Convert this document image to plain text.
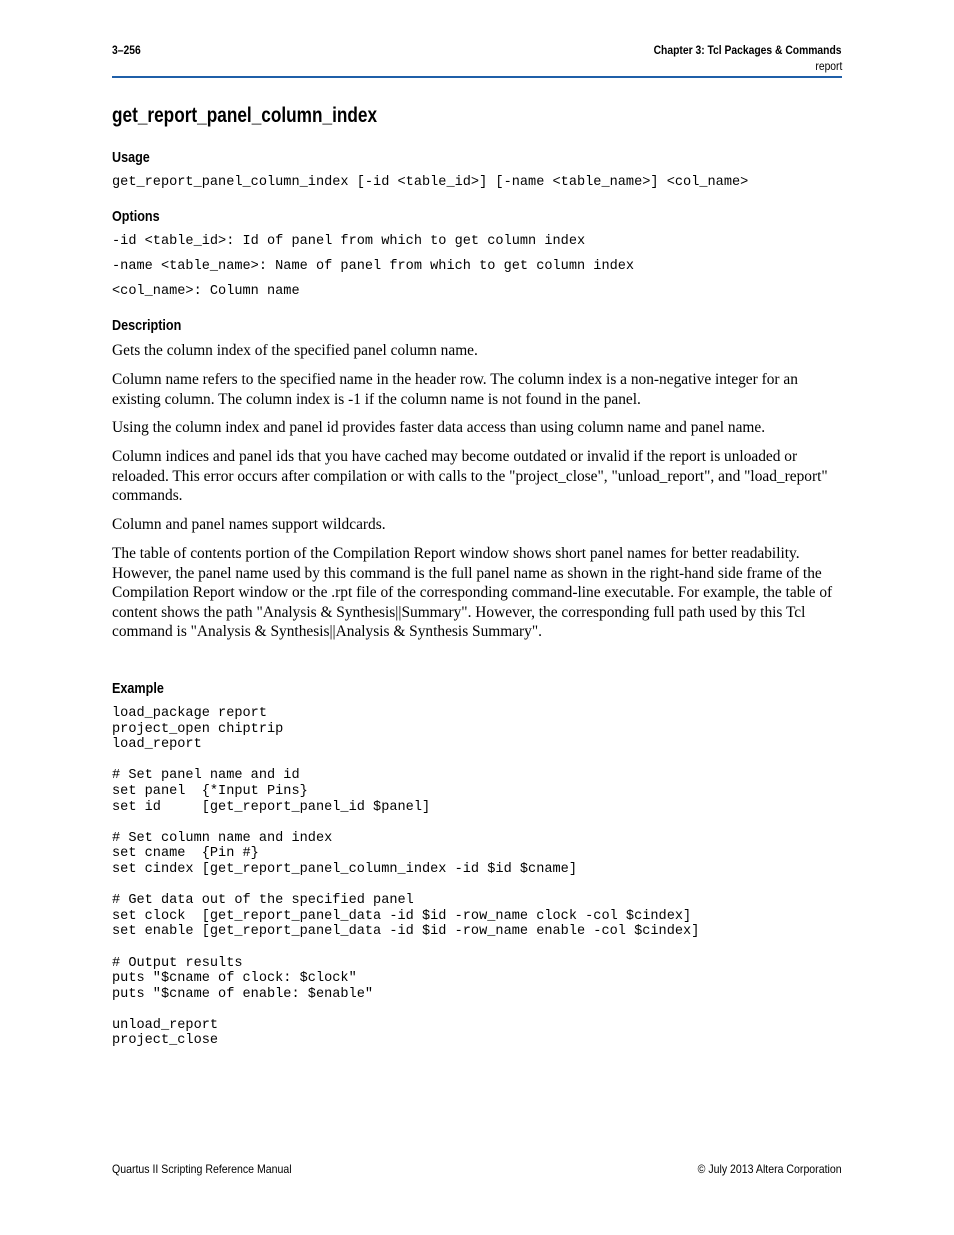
3–256	Chapter 3: Tcl Packages & Commands
report
get_report_panel_column_index
Usage
get_report_panel_column_index [-id <table_id>] [-name <table_name>] <col_name>
Options
-id <table_id>: Id of panel from which to get column index
-name <table_name>: Name of panel from which to get column index
<col_name>: Column name
Description

Gets the column index of the specified panel column name.

Column name refers to the specified name in the header row. The column index is a non-negative integer for an existing column. The column index is -1 if the column name is not found in the panel.

Using the column index and panel id provides faster data access than using column name and panel name.

Column indices and panel ids that you have cached may become outdated or invalid if the report is unloaded or reloaded. This error occurs after compilation or with calls to the "project_close", "unload_report", and "load_report" commands.

Column and panel names support wildcards.

The table of contents portion of the Compilation Report window shows short panel names for better readability. However, the panel name used by this command is the full panel name as shown in the right-hand side frame of the Compilation Report window or the .rpt file of the corresponding command-line executable. For example, the table of content shows the path "Analysis & Synthesis||Summary". However, the corresponding full path used by this Tcl command is "Analysis & Synthesis||Analysis & Synthesis Summary".

Example
load_package report
project_open chiptrip
load_report

# Set panel name and id
set panel  {*Input Pins}
set id     [get_report_panel_id $panel]

# Set column name and index
set cname  {Pin #}
set cindex [get_report_panel_column_index -id $id $cname]

# Get data out of the specified panel
set clock  [get_report_panel_data -id $id -row_name clock -col $cindex]
set enable [get_report_panel_data -id $id -row_name enable -col $cindex]

# Output results
puts "$cname of clock: $clock"
puts "$cname of enable: $enable"

unload_report
project_close
Quartus II Scripting Reference Manual	© July 2013 Altera Corporation
